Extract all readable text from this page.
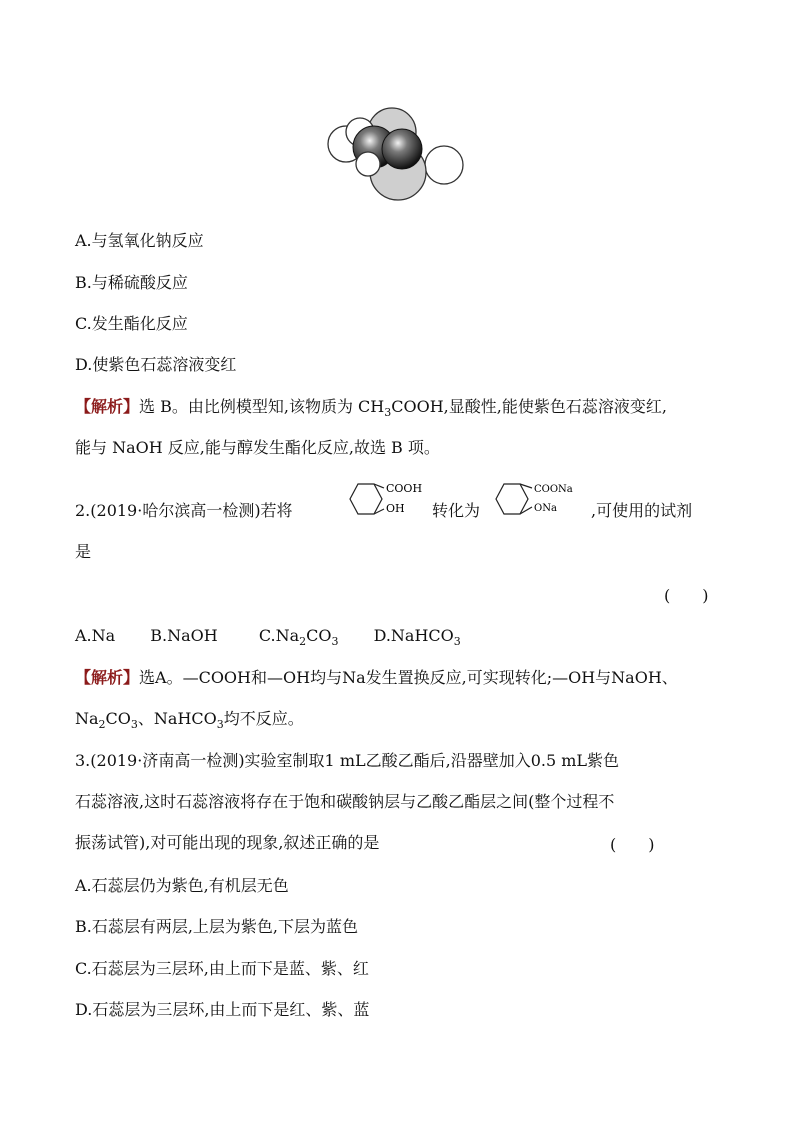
A.与氢氧化钠反应
B.与稀硫酸反应
C.发生酯化反应
D.使紫色石蕊溶液变红
【解析】选 B。由比例模型知,该物质为 $CH_3COOH$,显酸性,能使紫色石蕊溶液变红,
能与 NaOH 反应,能与醇发生酯化反应,故选 B 项。
2.(2019·哈尔滨高一检测)若将
COOH
OH 转化为
COONa
ONa ,可使用的试剂
是
(　　)
A.Na B.NaOH	$C.Na_2CO_3$ D.NaHCO$_3$
【解析】选A。—COOH和—OH均与Na发生置换反应,可实现转化;—OH与NaOH、
$Na_2CO_3$、NaHCO$_3$均不反应。
3.(2019·济南高一检测)实验室制取1 mL乙酸乙酯后,沿器壁加入0.5 mL紫色
石蕊溶液,这时石蕊溶液将存在于饱和碳酸钠层与乙酸乙酯层之间(整个过程不
振荡试管),对可能出现的现象,叙述正确的是	(　　)
A.石蕊层仍为紫色,有机层无色
B.石蕊层有两层,上层为紫色,下层为蓝色
C.石蕊层为三层环,由上而下是蓝、紫、红
D.石蕊层为三层环,由上而下是红、紫、蓝
